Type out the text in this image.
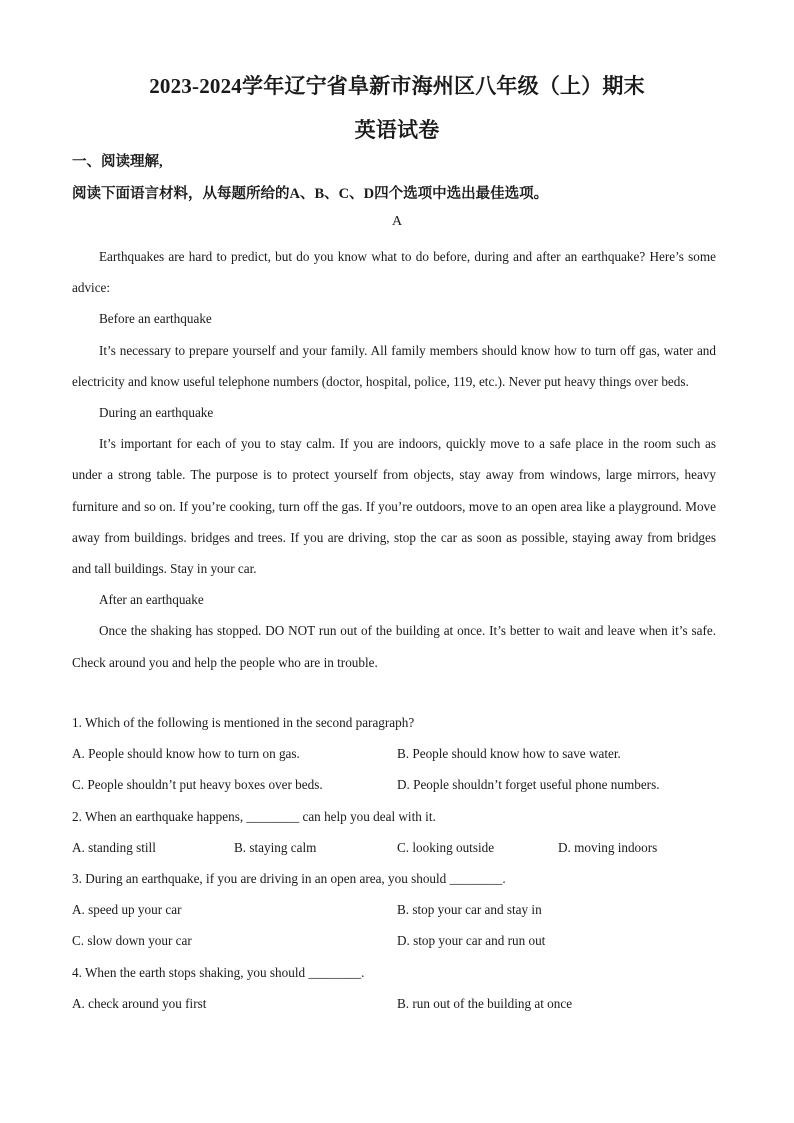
2023-2024学年辽宁省阜新市海州区八年级（上）期末
英语试卷
一、阅读理解,
阅读下面语言材料，从每题所给的A、B、C、D四个选项中选出最佳选项。
A

Earthquakes are hard to predict, but do you know what to do before, during and after an earthquake? Here’s some advice:

Before an earthquake

It’s necessary to prepare yourself and your family. All family members should know how to turn off gas, water and electricity and know useful telephone numbers (doctor, hospital, police, 119, etc.). Never put heavy things over beds.

During an earthquake

It’s important for each of you to stay calm. If you are indoors, quickly move to a safe place in the room such as under a strong table. The purpose is to protect yourself from objects, stay away from windows, large mirrors, heavy furniture and so on. If you’re cooking, turn off the gas. If you’re outdoors, move to an open area like a playground. Move away from buildings. bridges and trees. If you are driving, stop the car as soon as possible, staying away from bridges and tall buildings. Stay in your car.

After an earthquake

Once the shaking has stopped. DO NOT run out of the building at once. It’s better to wait and leave when it’s safe. Check around you and help the people who are in trouble.

1. Which of the following is mentioned in the second paragraph?
A. People should know how to turn on gas.	B. People should know how to save water.
C. People shouldn’t put heavy boxes over beds.	D. People shouldn’t forget useful phone numbers.
2. When an earthquake happens, ________ can help you deal with it.
A. standing still	B. staying calm	C. looking outside	D. moving indoors
3. During an earthquake, if you are driving in an open area, you should ________.
A. speed up your car	B. stop your car and stay in
C. slow down your car	D. stop your car and run out
4. When the earth stops shaking, you should ________.
A. check around you first	B. run out of the building at once
